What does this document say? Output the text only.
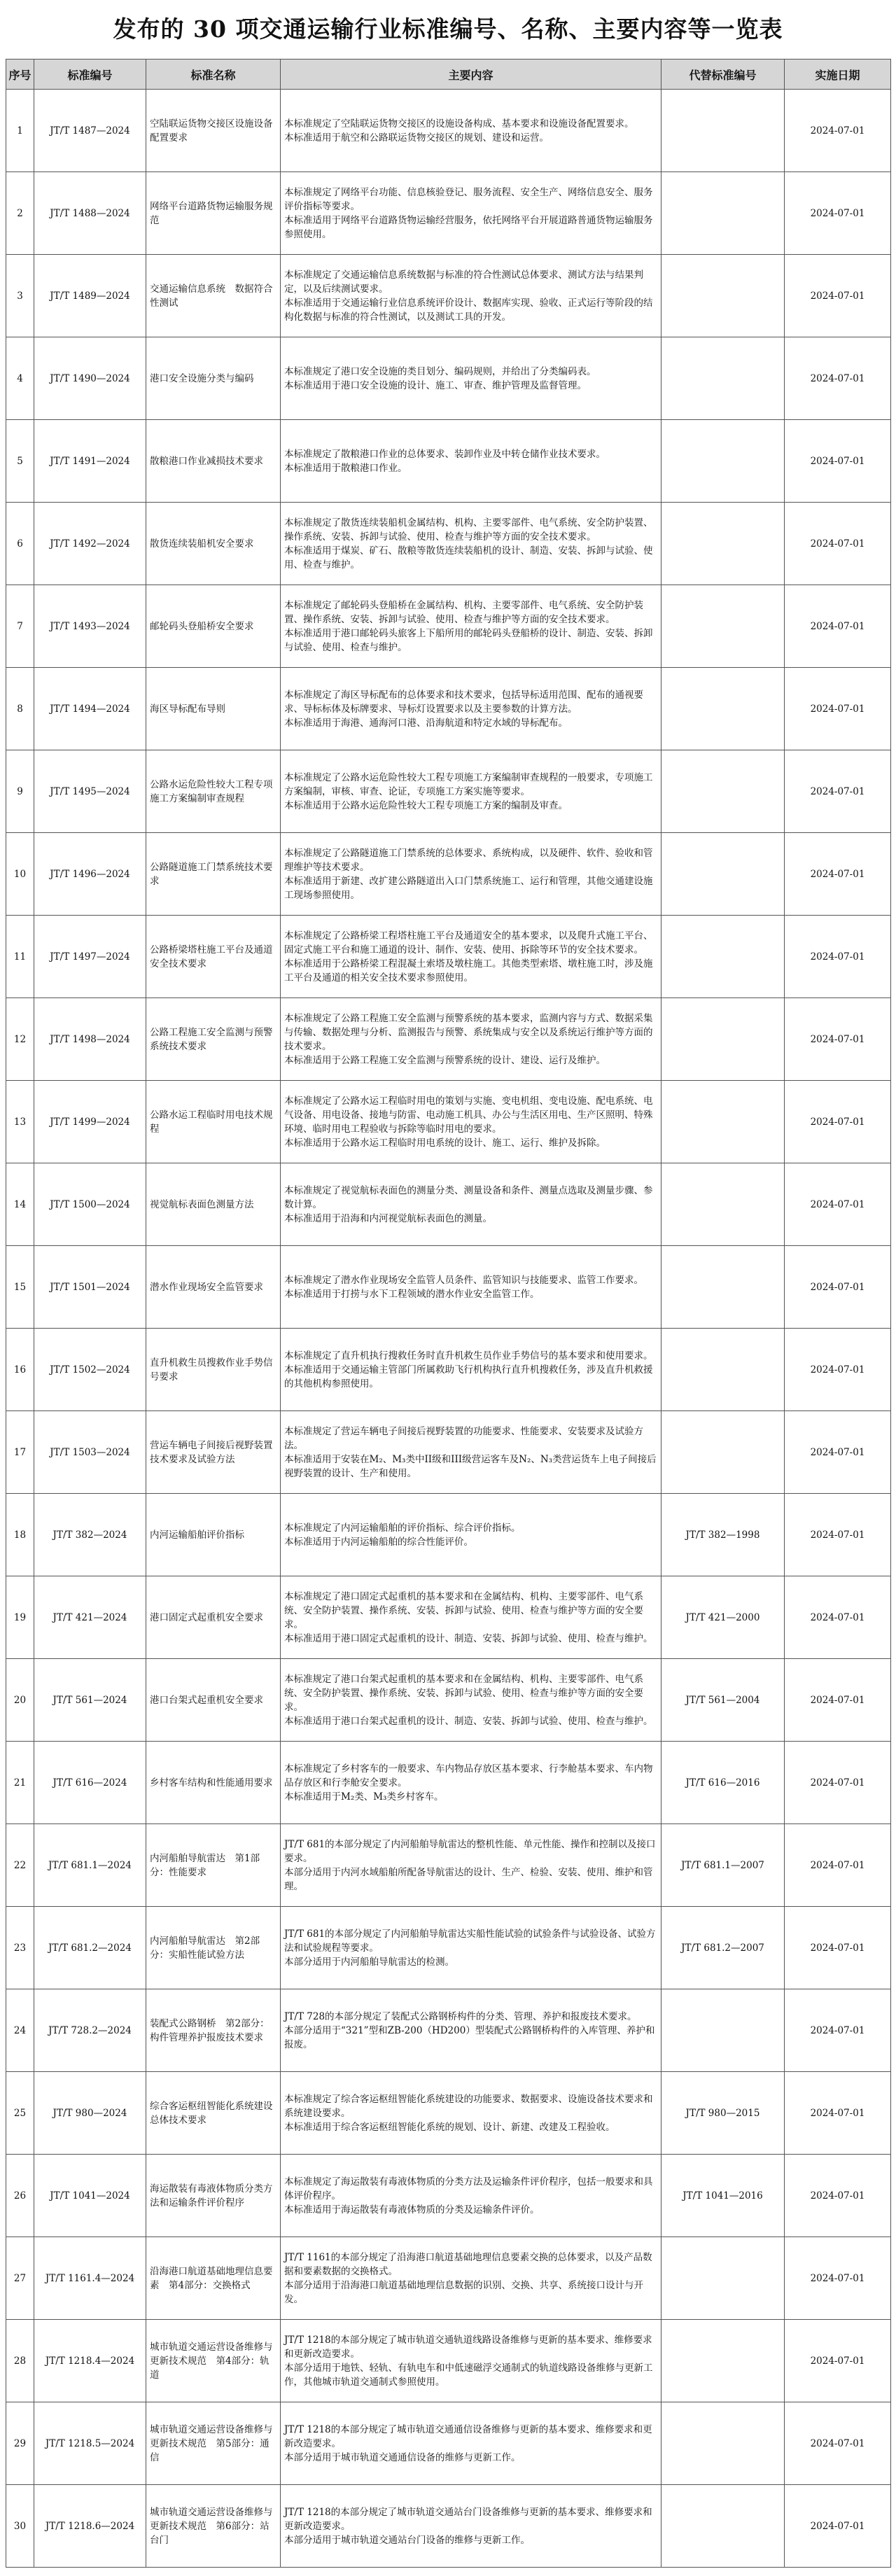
发布的 30 项交通运输行业标准编号、名称、主要内容等一览表
序号	标准编号	标准名称	主要内容	代替标准编号	实施日期
1	JT/T 1487—2024	空陆联运货物交接区设施设备配置要求	本标准规定了空陆联运货物交接区的设施设备构成、基本要求和设施设备配置要求。
本标准适用于航空和公路联运货物交接区的规划、建设和运营。		2024-07-01
2	JT/T 1488—2024	网络平台道路货物运输服务规范	本标准规定了网络平台功能、信息核验登记、服务流程、安全生产、网络信息安全、服务评价指标等要求。
本标准适用于网络平台道路货物运输经营服务，依托网络平台开展道路普通货物运输服务参照使用。		2024-07-01
3	JT/T 1489—2024	交通运输信息系统　数据符合性测试	本标准规定了交通运输信息系统数据与标准的符合性测试总体要求、测试方法与结果判定，以及后续测试要求。
本标准适用于交通运输行业信息系统评价设计、数据库实现、验收、正式运行等阶段的结构化数据与标准的符合性测试，以及测试工具的开发。		2024-07-01
4	JT/T 1490—2024	港口安全设施分类与编码	本标准规定了港口安全设施的类目划分、编码规则，并给出了分类编码表。
本标准适用于港口安全设施的设计、施工、审查、维护管理及监督管理。		2024-07-01
5	JT/T 1491—2024	散粮港口作业减损技术要求	本标准规定了散粮港口作业的总体要求、装卸作业及中转仓储作业技术要求。
本标准适用于散粮港口作业。		2024-07-01
6	JT/T 1492—2024	散货连续装船机安全要求	本标准规定了散货连续装船机金属结构、机构、主要零部件、电气系统、安全防护装置、操作系统、安装、拆卸与试验、使用、检查与维护等方面的安全技术要求。
本标准适用于煤炭、矿石、散粮等散货连续装船机的设计、制造、安装、拆卸与试验、使用、检查与维护。		2024-07-01
7	JT/T 1493—2024	邮轮码头登船桥安全要求	本标准规定了邮轮码头登船桥在金属结构、机构、主要零部件、电气系统、安全防护装置、操作系统、安装、拆卸与试验、使用、检查与维护等方面的安全技术要求。
本标准适用于港口邮轮码头旅客上下船所用的邮轮码头登船桥的设计、制造、安装、拆卸与试验、使用、检查与维护。		2024-07-01
8	JT/T 1494—2024	海区导标配布导则	本标准规定了海区导标配布的总体要求和技术要求，包括导标适用范围、配布的通视要求、导标标体及标牌要求、导标灯设置要求以及主要参数的计算方法。
本标准适用于海港、通海河口港、沿海航道和特定水域的导标配布。		2024-07-01
9	JT/T 1495—2024	公路水运危险性较大工程专项施工方案编制审查规程	本标准规定了公路水运危险性较大工程专项施工方案编制审查规程的一般要求，专项施工方案编制，审核、审查、论证，专项施工方案实施等要求。
本标准适用于公路水运危险性较大工程专项施工方案的编制及审查。		2024-07-01
10	JT/T 1496—2024	公路隧道施工门禁系统技术要求	本标准规定了公路隧道施工门禁系统的总体要求、系统构成，以及硬件、软件、验收和管理维护等技术要求。
本标准适用于新建、改扩建公路隧道出入口门禁系统施工、运行和管理，其他交通建设施工现场参照使用。		2024-07-01
11	JT/T 1497—2024	公路桥梁塔柱施工平台及通道安全技术要求	本标准规定了公路桥梁工程塔柱施工平台及通道安全的基本要求，以及爬升式施工平台、固定式施工平台和施工通道的设计、制作、安装、使用、拆除等环节的安全技术要求。
本标准适用于公路桥梁工程混凝土索塔及墩柱施工。其他类型索塔、墩柱施工时，涉及施工平台及通道的相关安全技术要求参照使用。		2024-07-01
12	JT/T 1498—2024	公路工程施工安全监测与预警系统技术要求	本标准规定了公路工程施工安全监测与预警系统的基本要求，监测内容与方式、数据采集与传输、数据处理与分析、监测报告与预警、系统集成与安全以及系统运行维护等方面的技术要求。
本标准适用于公路工程施工安全监测与预警系统的设计、建设、运行及维护。		2024-07-01
13	JT/T 1499—2024	公路水运工程临时用电技术规程	本标准规定了公路水运工程临时用电的策划与实施、变电机组、变电设施、配电系统、电气设备、用电设备、接地与防雷、电动施工机具、办公与生活区用电、生产区照明、特殊环境、临时用电工程验收与拆除等临时用电的要求。
本标准适用于公路水运工程临时用电系统的设计、施工、运行、维护及拆除。		2024-07-01
14	JT/T 1500—2024	视觉航标表面色测量方法	本标准规定了视觉航标表面色的测量分类、测量设备和条件、测量点选取及测量步骤、参数计算。
本标准适用于沿海和内河视觉航标表面色的测量。		2024-07-01
15	JT/T 1501—2024	潜水作业现场安全监管要求	本标准规定了潜水作业现场安全监管人员条件、监管知识与技能要求、监管工作要求。
本标准适用于打捞与水下工程领域的潜水作业安全监管工作。		2024-07-01
16	JT/T 1502—2024	直升机救生员搜救作业手势信号要求	本标准规定了直升机执行搜救任务时直升机救生员作业手势信号的基本要求和使用要求。
本标准适用于交通运输主管部门所属救助飞行机构执行直升机搜救任务，涉及直升机救援的其他机构参照使用。		2024-07-01
17	JT/T 1503—2024	营运车辆电子间接后视野装置技术要求及试验方法	本标准规定了营运车辆电子间接后视野装置的功能要求、性能要求、安装要求及试验方法。
本标准适用于安装在M₂、M₃类中II级和III级营运客车及N₂、N₃类营运货车上电子间接后视野装置的设计、生产和使用。		2024-07-01
18	JT/T 382—2024	内河运输船舶评价指标	本标准规定了内河运输船舶的评价指标、综合评价指标。
本标准适用于内河运输船舶的综合性能评价。	JT/T 382—1998	2024-07-01
19	JT/T 421—2024	港口固定式起重机安全要求	本标准规定了港口固定式起重机的基本要求和在金属结构、机构、主要零部件、电气系统、安全防护装置、操作系统、安装、拆卸与试验、使用、检查与维护等方面的安全要求。
本标准适用于港口固定式起重机的设计、制造、安装、拆卸与试验、使用、检查与维护。	JT/T 421—2000	2024-07-01
20	JT/T 561—2024	港口台架式起重机安全要求	本标准规定了港口台架式起重机的基本要求和在金属结构、机构、主要零部件、电气系统、安全防护装置、操作系统、安装、拆卸与试验、使用、检查与维护等方面的安全要求。
本标准适用于港口台架式起重机的设计、制造、安装、拆卸与试验、使用、检查与维护。	JT/T 561—2004	2024-07-01
21	JT/T 616—2024	乡村客车结构和性能通用要求	本标准规定了乡村客车的一般要求、车内物品存放区基本要求、行李舱基本要求、车内物品存放区和行李舱安全要求。
本标准适用于M₂类、M₃类乡村客车。	JT/T 616—2016	2024-07-01
22	JT/T 681.1—2024	内河船舶导航雷达　第1部分：性能要求	JT/T 681的本部分规定了内河船舶导航雷达的整机性能、单元性能、操作和控制以及接口要求。
本部分适用于内河水域船舶所配备导航雷达的设计、生产、检验、安装、使用、维护和管理。	JT/T 681.1—2007	2024-07-01
23	JT/T 681.2—2024	内河船舶导航雷达　第2部分：实船性能试验方法	JT/T 681的本部分规定了内河船舶导航雷达实船性能试验的试验条件与试验设备、试验方法和试验规程等要求。
本部分适用于内河船舶导航雷达的检测。	JT/T 681.2—2007	2024-07-01
24	JT/T 728.2—2024	装配式公路钢桥　第2部分：构件管理养护报废技术要求	JT/T 728的本部分规定了装配式公路钢桥构件的分类、管理、养护和报废技术要求。
本部分适用于“321”型和ZB-200（HD200）型装配式公路钢桥构件的入库管理、养护和报废。		2024-07-01
25	JT/T 980—2024	综合客运枢纽智能化系统建设总体技术要求	本标准规定了综合客运枢纽智能化系统建设的功能要求、数据要求、设施设备技术要求和系统建设要求。
本标准适用于综合客运枢纽智能化系统的规划、设计、新建、改建及工程验收。	JT/T 980—2015	2024-07-01
26	JT/T 1041—2024	海运散装有毒液体物质分类方法和运输条件评价程序	本标准规定了海运散装有毒液体物质的分类方法及运输条件评价程序，包括一般要求和具体评价程序。
本标准适用于海运散装有毒液体物质的分类及运输条件评价。	JT/T 1041—2016	2024-07-01
27	JT/T 1161.4—2024	沿海港口航道基础地理信息要素　第4部分：交换格式	JT/T 1161的本部分规定了沿海港口航道基础地理信息要素交换的总体要求，以及产品数据和要素数据的交换格式。
本部分适用于沿海港口航道基础地理信息数据的识别、交换、共享、系统接口设计与开发。		2024-07-01
28	JT/T 1218.4—2024	城市轨道交通运营设备维修与更新技术规范　第4部分：轨道	JT/T 1218的本部分规定了城市轨道交通轨道线路设备维修与更新的基本要求、维修要求和更新改造要求。
本部分适用于地铁、轻轨、有轨电车和中低速磁浮交通制式的轨道线路设备维修与更新工作，其他城市轨道交通制式参照使用。		2024-07-01
29	JT/T 1218.5—2024	城市轨道交通运营设备维修与更新技术规范　第5部分：通信	JT/T 1218的本部分规定了城市轨道交通通信设备维修与更新的基本要求、维修要求和更新改造要求。
本部分适用于城市轨道交通通信设备的维修与更新工作。		2024-07-01
30	JT/T 1218.6—2024	城市轨道交通运营设备维修与更新技术规范　第6部分：站台门	JT/T 1218的本部分规定了城市轨道交通站台门设备维修与更新的基本要求、维修要求和更新改造要求。
本部分适用于城市轨道交通站台门设备的维修与更新工作。		2024-07-01
